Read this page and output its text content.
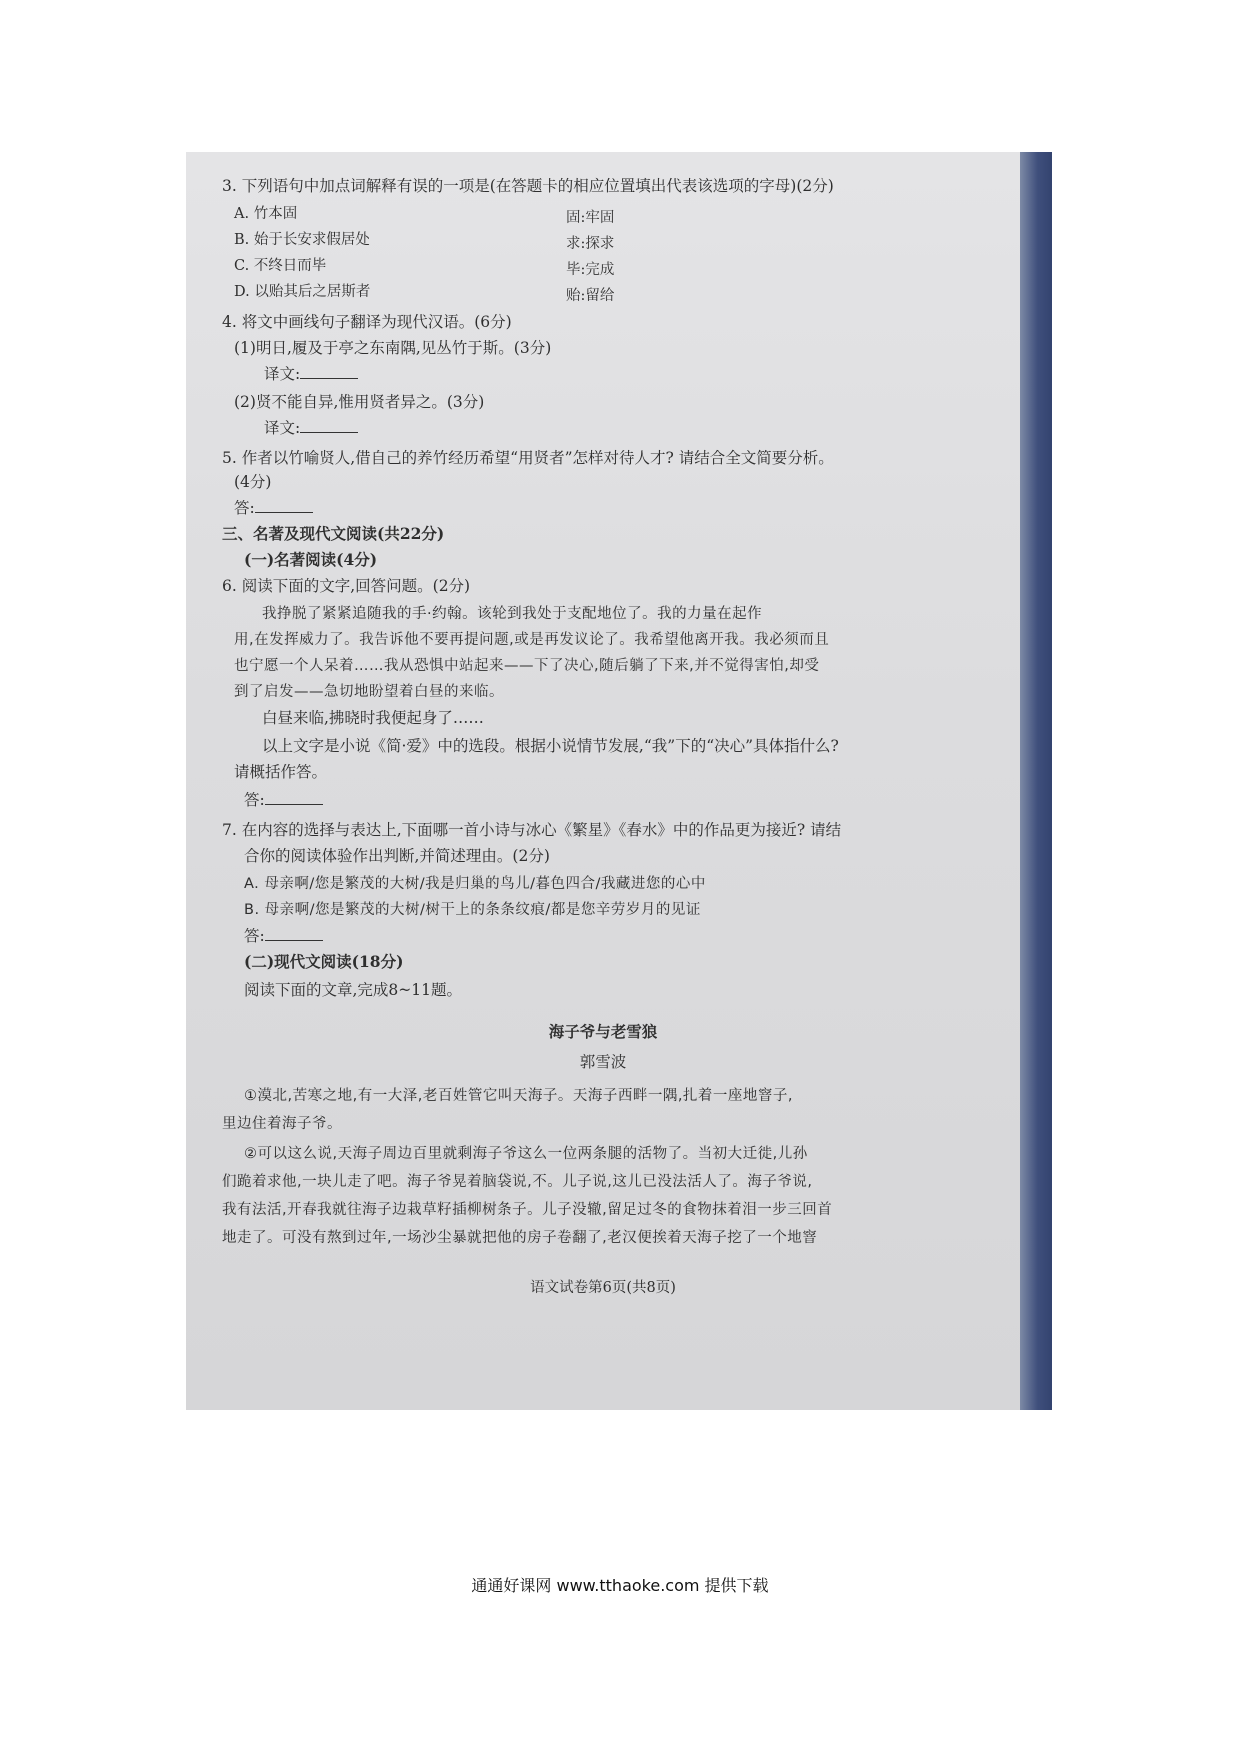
3. 下列语句中加点词解释有误的一项是(在答题卡的相应位置填出代表该选项的字母)(2分)
A. 竹本固	固:牢固
B. 始于长安求假居处	求:探求
C. 不终日而毕	毕:完成
D. 以贻其后之居斯者	贻:留给
4. 将文中画线句子翻译为现代汉语。(6分)
(1)明日,履及于亭之东南隅,见丛竹于斯。(3分)
译文:
(2)贤不能自异,惟用贤者异之。(3分)
译文:
5. 作者以竹喻贤人,借自己的养竹经历希望“用贤者”怎样对待人才? 请结合全文简要分析。
(4分)
答:
三、名著及现代文阅读(共22分)
(一)名著阅读(4分)
6. 阅读下面的文字,回答问题。(2分)
我挣脱了紧紧追随我的手·约翰。该轮到我处于支配地位了。我的力量在起作
用,在发挥威力了。我告诉他不要再提问题,或是再发议论了。我希望他离开我。我必须而且
也宁愿一个人呆着……我从恐惧中站起来——下了决心,随后躺了下来,并不觉得害怕,却受
到了启发——急切地盼望着白昼的来临。
白昼来临,拂晓时我便起身了……
以上文字是小说《简·爱》中的选段。根据小说情节发展,“我”下的“决心”具体指什么?
请概括作答。
答:
7. 在内容的选择与表达上,下面哪一首小诗与冰心《繁星》《春水》中的作品更为接近? 请结
合你的阅读体验作出判断,并简述理由。(2分)
A. 母亲啊/您是繁茂的大树/我是归巢的鸟儿/暮色四合/我藏进您的心中
B. 母亲啊/您是繁茂的大树/树干上的条条纹痕/都是您辛劳岁月的见证
答:
(二)现代文阅读(18分)
阅读下面的文章,完成8~11题。
海子爷与老雪狼
郭雪波
①漠北,苦寒之地,有一大泽,老百姓管它叫天海子。天海子西畔一隅,扎着一座地窨子,
里边住着海子爷。
②可以这么说,天海子周边百里就剩海子爷这么一位两条腿的活物了。当初大迁徙,儿孙
们跪着求他,一块儿走了吧。海子爷晃着脑袋说,不。儿子说,这儿已没法活人了。海子爷说,
我有法活,开春我就往海子边栽草籽插柳树条子。儿子没辙,留足过冬的食物抹着泪一步三回首
地走了。可没有熬到过年,一场沙尘暴就把他的房子卷翻了,老汉便挨着天海子挖了一个地窨
语文试卷第6页(共8页)
通通好课网 www.tthaoke.com 提供下载
